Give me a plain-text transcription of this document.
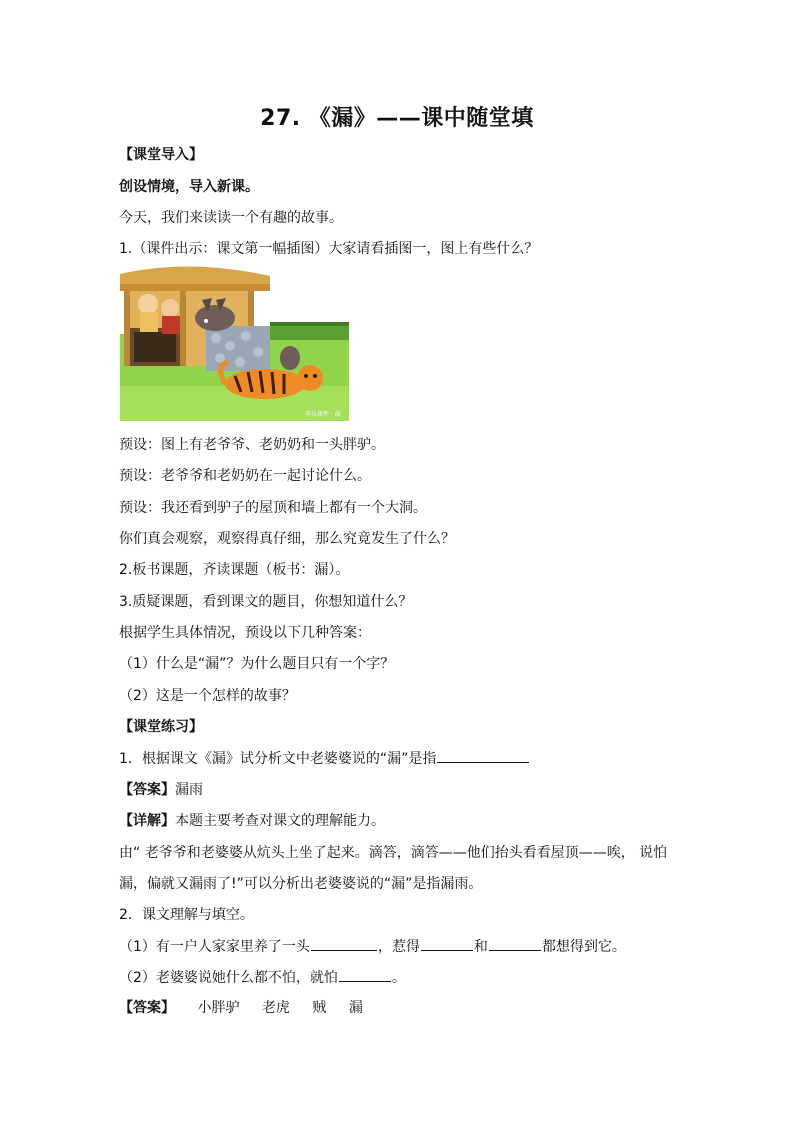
27. 《漏》——课中随堂填
【课堂导入】
创设情境，导入新课。
今天，我们来读读一个有趣的故事。
1.（课件出示：课文第一幅插图）大家请看插图一，图上有些什么？
华乐课件 · 漏
预设：图上有老爷爷、老奶奶和一头胖驴。
预设：老爷爷和老奶奶在一起讨论什么。
预设：我还看到驴子的屋顶和墙上都有一个大洞。
你们真会观察，观察得真仔细，那么究竟发生了什么？
2.板书课题，齐读课题（板书：漏）。
3.质疑课题，看到课文的题目，你想知道什么？
根据学生具体情况，预设以下几种答案：
（1）什么是“漏”？为什么题目只有一个字？
（2）这是一个怎样的故事？
【课堂练习】
1．根据课文《漏》试分析文中老婆婆说的“漏”是指
【答案】漏雨
【详解】本题主要考查对课文的理解能力。
由“ 老爷爷和老婆婆从炕头上坐了起来。滴答，滴答——他们抬头看看屋顶——唉， 说怕
漏，偏就又漏雨了!”可以分析出老婆婆说的“漏”是指漏雨。
2．课文理解与填空。
（1）有一户人家家里养了一头	，惹得	和	都想得到它。
（2）老婆婆说她什么都不怕，就怕	。
【答案】 小胖驴 老虎 贼 漏
